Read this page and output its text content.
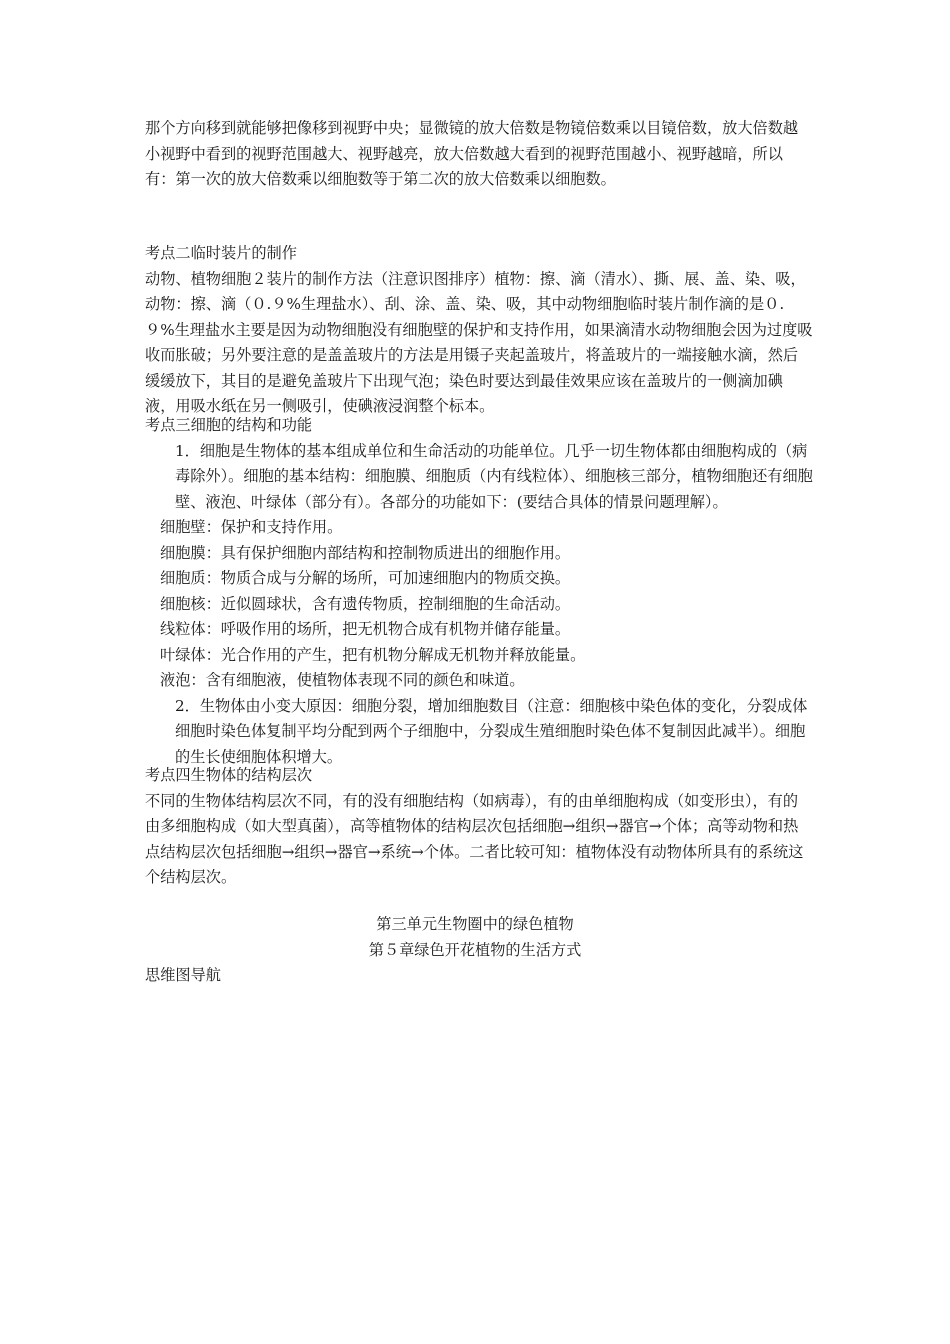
那个方向移到就能够把像移到视野中央；显微镜的放大倍数是物镜倍数乘以目镜倍数，放大倍数越小视野中看到的视野范围越大、视野越亮，放大倍数越大看到的视野范围越小、视野越暗，所以有：第一次的放大倍数乘以细胞数等于第二次的放大倍数乘以细胞数。

考点二临时装片的制作

动物、植物细胞２装片的制作方法（注意识图排序）植物：擦、滴（清水）、撕、展、盖、染、吸，动物：擦、滴（０.９%生理盐水）、刮、涂、盖、染、吸，其中动物细胞临时装片制作滴的是０.９%生理盐水主要是因为动物细胞没有细胞壁的保护和支持作用，如果滴清水动物细胞会因为过度吸收而胀破；另外要注意的是盖盖玻片的方法是用镊子夹起盖玻片，将盖玻片的一端接触水滴，然后缓缓放下，其目的是避免盖玻片下出现气泡；染色时要达到最佳效果应该在盖玻片的一侧滴加碘液，用吸水纸在另一侧吸引，使碘液浸润整个标本。

考点三细胞的结构和功能

1．细胞是生物体的基本组成单位和生命活动的功能单位。几乎一切生物体都由细胞构成的（病毒除外）。细胞的基本结构：细胞膜、细胞质（内有线粒体）、细胞核三部分，植物细胞还有细胞壁、液泡、叶绿体（部分有）。各部分的功能如下：(要结合具体的情景问题理解）。

细胞壁：保护和支持作用。

细胞膜：具有保护细胞内部结构和控制物质进出的细胞作用。

细胞质：物质合成与分解的场所，可加速细胞内的物质交换。

细胞核：近似圆球状，含有遗传物质，控制细胞的生命活动。

线粒体：呼吸作用的场所，把无机物合成有机物并储存能量。

叶绿体：光合作用的产生，把有机物分解成无机物并释放能量。

液泡：含有细胞液，使植物体表现不同的颜色和味道。

2．生物体由小变大原因：细胞分裂，增加细胞数目（注意：细胞核中染色体的变化，分裂成体细胞时染色体复制平均分配到两个子细胞中，分裂成生殖细胞时染色体不复制因此减半）。细胞的生长使细胞体积增大。

考点四生物体的结构层次

不同的生物体结构层次不同，有的没有细胞结构（如病毒），有的由单细胞构成（如变形虫），有的由多细胞构成（如大型真菌），高等植物体的结构层次包括细胞→组织→器官→个体；高等动物和热点结构层次包括细胞→组织→器官→系统→个体。二者比较可知：植物体没有动物体所具有的系统这个结构层次。

第三单元生物圈中的绿色植物
第５章绿色开花植物的生活方式
思维图导航
